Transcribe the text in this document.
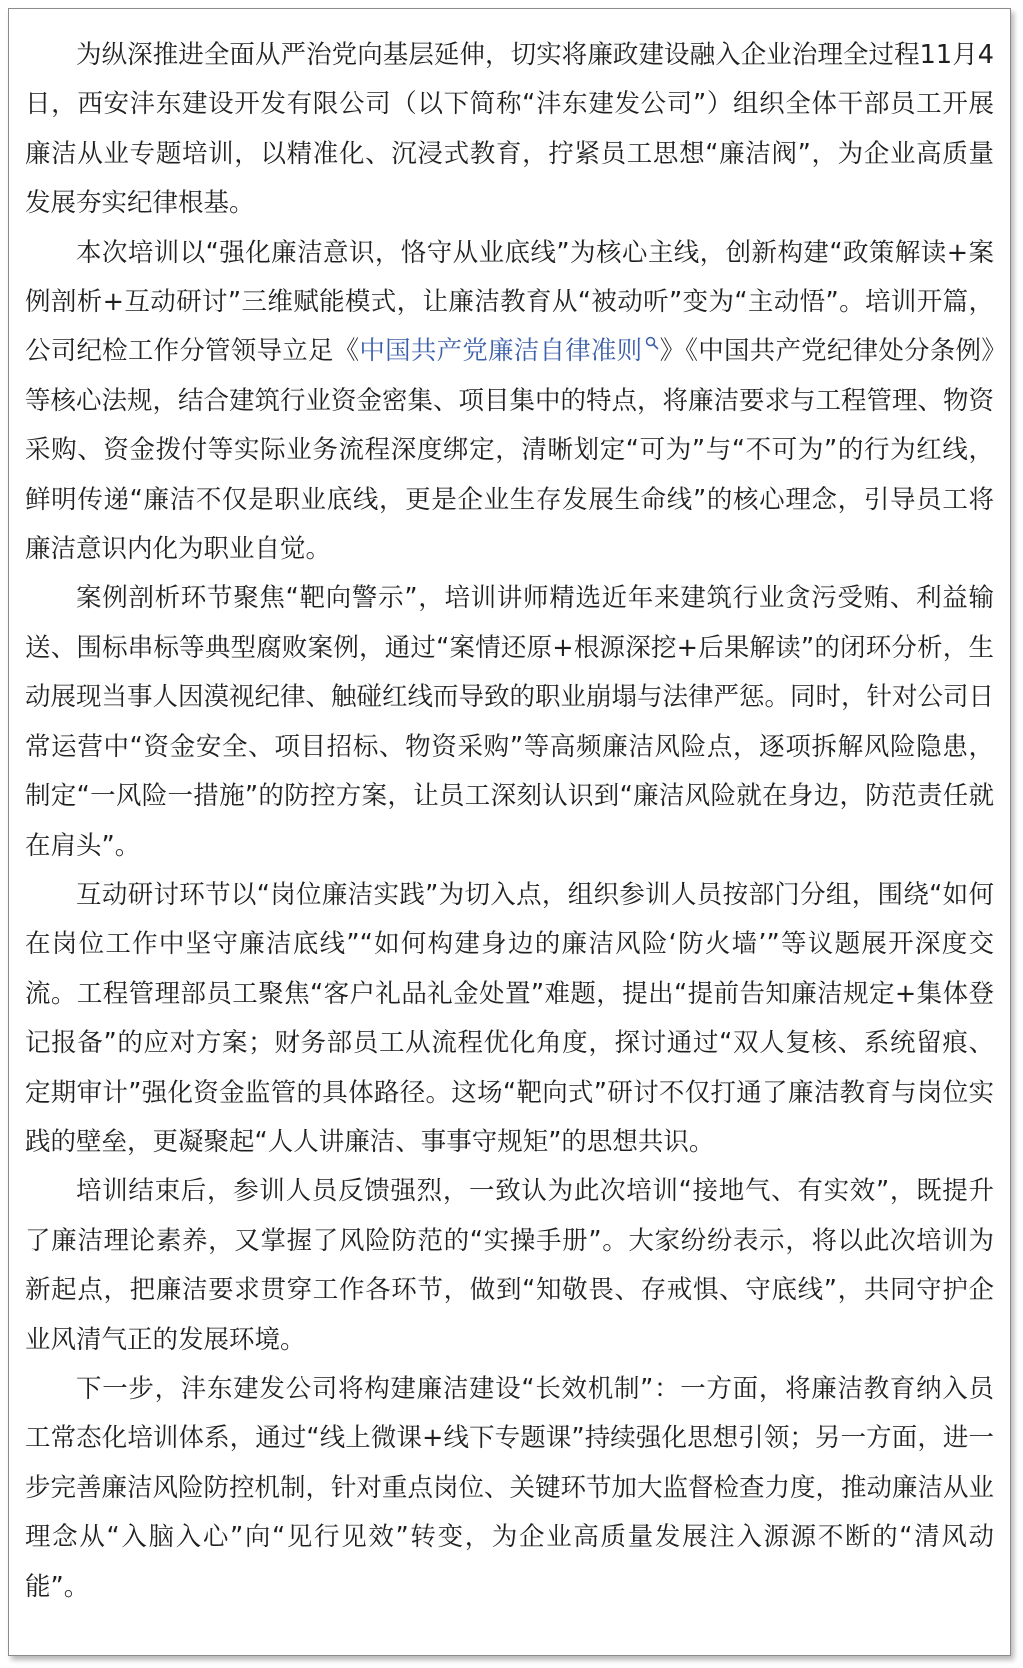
为纵深推进全面从严治党向基层延伸，切实将廉政建设融入企业治理全过程11月4日，西安沣东建设开发有限公司（以下简称“沣东建发公司”）组织全体干部员工开展廉洁从业专题培训，以精准化、沉浸式教育，拧紧员工思想“廉洁阀”，为企业高质量发展夯实纪律根基。

本次培训以“强化廉洁意识，恪守从业底线”为核心主线，创新构建“政策解读+案例剖析+互动研讨”三维赋能模式，让廉洁教育从“被动听”变为“主动悟”。培训开篇，公司纪检工作分管领导立足《中国共产党廉洁自律准则 》《中国共产党纪律处分条例》等核心法规，结合建筑行业资金密集、项目集中的特点，将廉洁要求与工程管理、物资采购、资金拨付等实际业务流程深度绑定，清晰划定“可为”与“不可为”的行为红线，鲜明传递“廉洁不仅是职业底线，更是企业生存发展生命线”的核心理念，引导员工将廉洁意识内化为职业自觉。

案例剖析环节聚焦“靶向警示”，培训讲师精选近年来建筑行业贪污受贿、利益输送、围标串标等典型腐败案例，通过“案情还原+根源深挖+后果解读”的闭环分析，生动展现当事人因漠视纪律、触碰红线而导致的职业崩塌与法律严惩。同时，针对公司日常运营中“资金安全、项目招标、物资采购”等高频廉洁风险点，逐项拆解风险隐患，制定“一风险一措施”的防控方案，让员工深刻认识到“廉洁风险就在身边，防范责任就在肩头”。

互动研讨环节以“岗位廉洁实践”为切入点，组织参训人员按部门分组，围绕“如何在岗位工作中坚守廉洁底线”“如何构建身边的廉洁风险‘防火墙’”等议题展开深度交流。工程管理部员工聚焦“客户礼品礼金处置”难题，提出“提前告知廉洁规定+集体登记报备”的应对方案；财务部员工从流程优化角度，探讨通过“双人复核、系统留痕、定期审计”强化资金监管的具体路径。这场“靶向式”研讨不仅打通了廉洁教育与岗位实践的壁垒，更凝聚起“人人讲廉洁、事事守规矩”的思想共识。

培训结束后，参训人员反馈强烈，一致认为此次培训“接地气、有实效”，既提升了廉洁理论素养，又掌握了风险防范的“实操手册”。大家纷纷表示，将以此次培训为新起点，把廉洁要求贯穿工作各环节，做到“知敬畏、存戒惧、守底线”，共同守护企业风清气正的发展环境。

下一步，沣东建发公司将构建廉洁建设“长效机制”：一方面，将廉洁教育纳入员工常态化培训体系，通过“线上微课+线下专题课”持续强化思想引领；另一方面，进一步完善廉洁风险防控机制，针对重点岗位、关键环节加大监督检查力度，推动廉洁从业理念从“入脑入心”向“见行见效”转变，为企业高质量发展注入源源不断的“清风动能”。
